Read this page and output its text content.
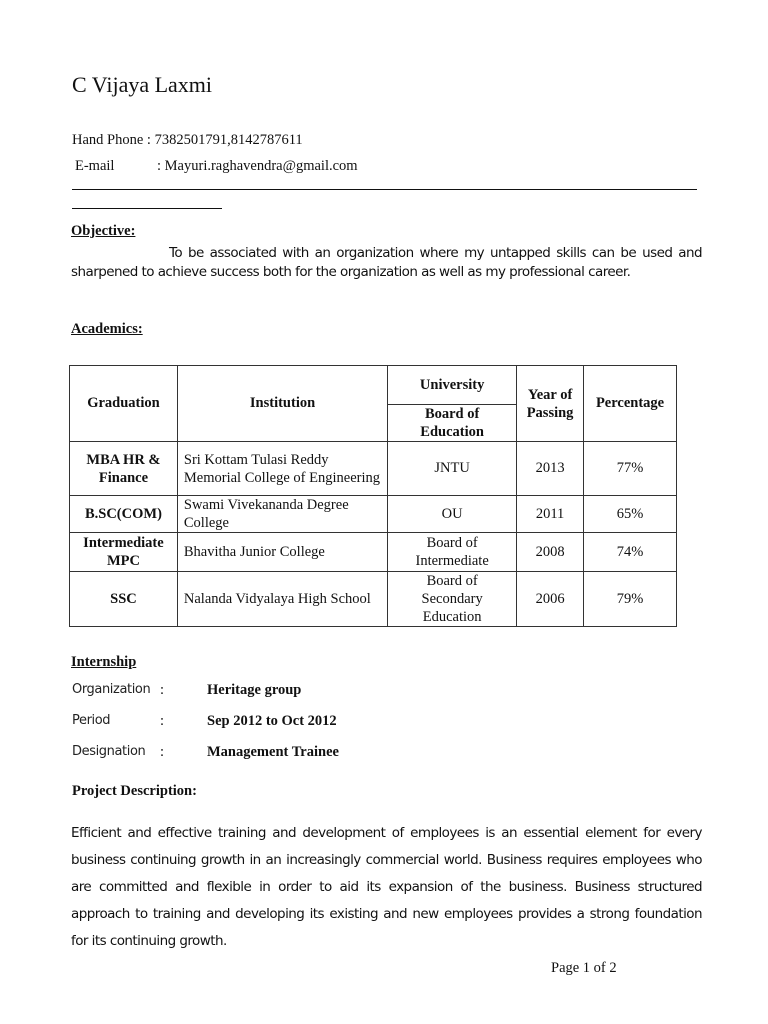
C Vijaya Laxmi
Hand Phone : 7382501791,8142787611
E-mail	: Mayuri.raghavendra@gmail.com
Objective:
To be associated with an organization where my untapped skills can be used and sharpened to achieve success both for the organization as well as my professional career.
Academics:
Graduation	Institution	University	Year of Passing	Percentage
		Board of Education		
MBA HR & Finance	Sri Kottam Tulasi Reddy Memorial College of Engineering	JNTU	2013	77%
B.SC(COM)	Swami Vivekananda Degree College	OU	2011	65%
Intermediate MPC	Bhavitha Junior College	Board of Intermediate	2008	74%
SSC	Nalanda Vidyalaya High School	Board of Secondary Education	2006	79%
Internship
Organization :	Heritage group
Period	:	Sep 2012 to Oct 2012
Designation	:	Management Trainee
Project Description:
Efficient and effective training and development of employees is an essential element for every business continuing growth in an increasingly commercial world. Business requires employees who are committed and flexible in order to aid its expansion of the business. Business structured approach to training and developing its existing and new employees provides a strong foundation for its continuing growth.
Page 1 of 2
